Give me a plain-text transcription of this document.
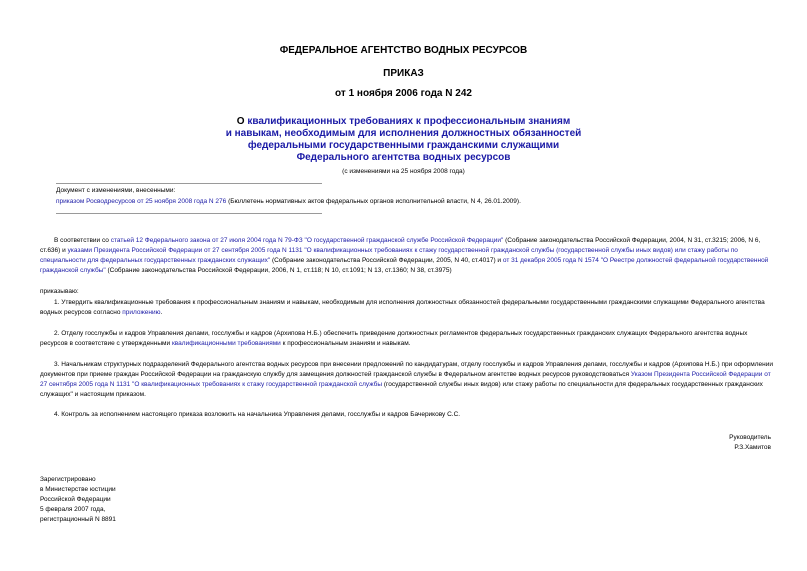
ФЕДЕРАЛЬНОЕ АГЕНТСТВО ВОДНЫХ РЕСУРСОВ
ПРИКАЗ
от 1 ноября 2006 года N 242
О квалификационных требованиях к профессиональным знаниям
и навыкам, необходимым для исполнения должностных обязанностей
федеральными государственными гражданскими служащими
Федерального агентства водных ресурсов
(с изменениями на 25 ноября 2008 года)
Документ с изменениями, внесенными:
приказом Росводресурсов от 25 ноября 2008 года N 276 (Бюллетень нормативных актов федеральных органов исполнительной власти, N 4, 26.01.2009).
В соответствии со статьей 12 Федерального закона от 27 июля 2004 года N 79-ФЗ "О государственной гражданской службе Российской Федерации" (Собрание законодательства Российской Федерации, 2004, N 31, ст.3215; 2006, N 6, ст.636) и указами Президента Российской Федерации от 27 сентября 2005 года N 1131 "О квалификационных требованиях к стажу государственной гражданской службы (государственной службы иных видов) или стажу работы по специальности для федеральных государственных гражданских служащих" (Собрание законодательства Российской Федерации, 2005, N 40, ст.4017) и от 31 декабря 2005 года N 1574 "О Реестре должностей федеральной государственной гражданской службы" (Собрание законодательства Российской Федерации, 2006, N 1, ст.118; N 10, ст.1091; N 13, ст.1360; N 38, ст.3975)
приказываю:
1. Утвердить квалификационные требования к профессиональным знаниям и навыкам, необходимым для исполнения должностных обязанностей федеральными государственными гражданскими служащими Федерального агентства водных ресурсов согласно приложению.
2. Отделу госслужбы и кадров Управления делами, госслужбы и кадров (Архипова Н.Б.) обеспечить приведение должностных регламентов федеральных государственных гражданских служащих Федерального агентства водных ресурсов в соответствие с утвержденными квалификационными требованиями к профессиональным знаниям и навыкам.
3. Начальникам структурных подразделений Федерального агентства водных ресурсов при внесении предложений по кандидатурам, отделу госслужбы и кадров Управления делами, госслужбы и кадров (Архипова Н.Б.) при оформлении документов при приеме граждан Российской Федерации на гражданскую службу для замещения должностей гражданской службы в Федеральном агентстве водных ресурсов руководствоваться Указом Президента Российской Федерации от 27 сентября 2005 года N 1131 "О квалификационных требованиях к стажу государственной гражданской службы (государственной службы иных видов) или стажу работы по специальности для федеральных государственных гражданских служащих" и настоящим приказом.
4. Контроль за исполнением настоящего приказа возложить на начальника Управления делами, госслужбы и кадров Бачерикову С.С.
Руководитель
Р.З.Хамитов
Зарегистрировано
в Министерстве юстиции
Российской Федерации
5 февраля 2007 года,
регистрационный N 8891
